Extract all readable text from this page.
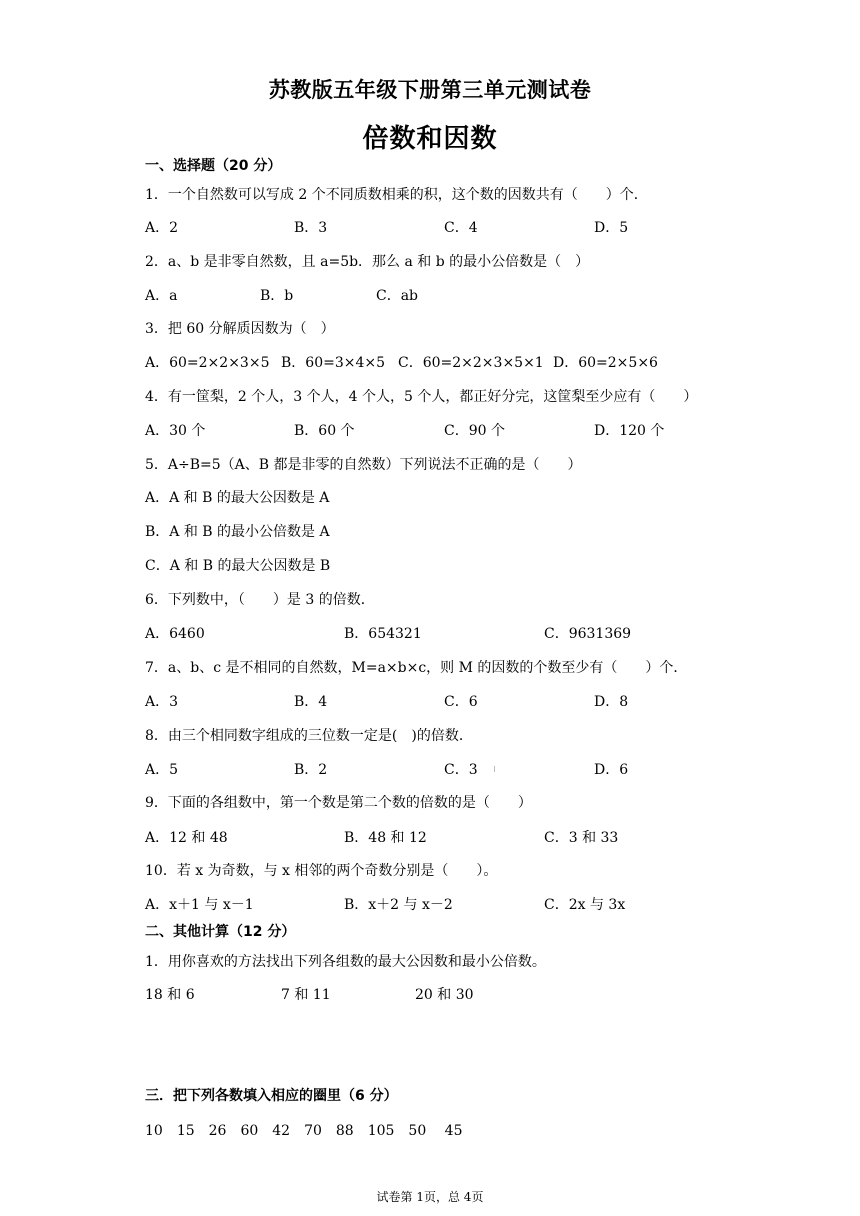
苏教版五年级下册第三单元测试卷
倍数和因数
一、选择题（20 分）
1．一个自然数可以写成 2 个不同质数相乘的积，这个数的因数共有（　　）个．
A．2	B．3	C．4	D．5
2．a、b 是非零自然数，且 a=5b．那么 a 和 b 的最小公倍数是（　）
A．a	B．b	C．ab
3．把 60 分解质因数为（　）
A．60=2×2×3×5 B．60=3×4×5 C．60=2×2×3×5×1 D．60=2×5×6
4．有一筐梨，2 个人，3 个人，4 个人，5 个人，都正好分完，这筐梨至少应有（　　）
A．30 个	B．60 个	C．90 个	D．120 个
5．A÷B=5（A、B 都是非零的自然数）下列说法不正确的是（　　）
A．A 和 B 的最大公因数是 A
B．A 和 B 的最小公倍数是 A
C．A 和 B 的最大公因数是 B
6．下列数中，（　　）是 3 的倍数．
A．6460	B．654321	C．9631369
7．a、b、c 是不相同的自然数，M=a×b×c，则 M 的因数的个数至少有（　　）个．
A．3	B．4	C．6	D．8
8．由三个相同数字组成的三位数一定是(　)的倍数．
A．5	B．2	C．3	D．6
9．下面的各组数中，第一个数是第二个数的倍数的是（　　）
A．12 和 48	B．48 和 12	C．3 和 33
10．若 x 为奇数，与 x 相邻的两个奇数分别是（　　）。
A．x＋1 与 x－1	B．x＋2 与 x－2	C．2x 与 3x
二、其他计算（12 分）
1．用你喜欢的方法找出下列各组数的最大公因数和最小公倍数。
18 和 6	7 和 11	20 和 30
三．把下列各数填入相应的圈里（6 分）
10　15　26　60　42　70　88　105　50　 45
试卷第 1页，总 4页
